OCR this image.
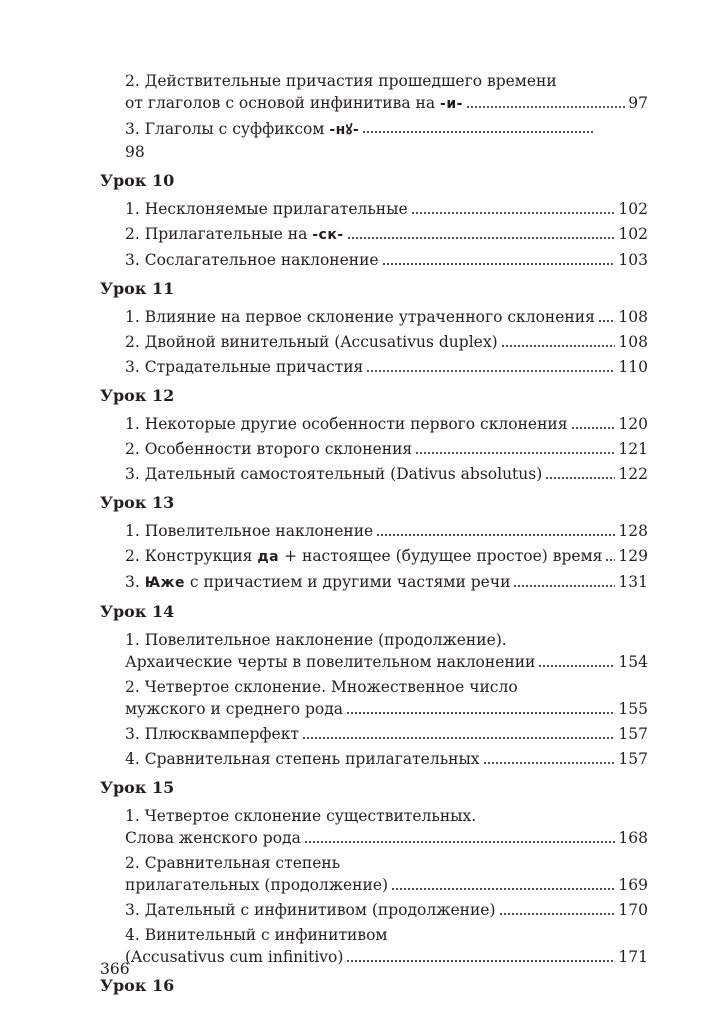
2. Действительные причастия прошедшего времени
от глаголов с основой инфинитива на -и-	97
3. Глаголы с суффиксом -нꙋ-
98
Урок 10
1. Несклоняемые прилагательные	102
2. Прилагательные на -ск-	102
3. Сослагательное наклонение	103
Урок 11
1. Влияние на первое склонение утраченного склонения 108
2. Двойной винительный (Accusativus duplex)	108
3. Страдательные причастия	110
Урок 12
1. Некоторые другие особенности первого склонения	120
2. Особенности второго склонения	121
3. Дательный самостоятельный (Dativus absolutus)	122
Урок 13
1. Повелительное наклонение	128
2. Конструкция да + настоящее (будущее простое) время 129
3. Ꙗже с причастием и другими частями речи	131
Урок 14
1. Повелительное наклонение (продолжение).
Архаические черты в повелительном наклонении	154
2. Четвертое склонение. Множественное число
мужского и среднего рода	155
3. Плюсквамперфект	157
4. Сравнительная степень прилагательных	157
Урок 15
1. Четвертое склонение существительных.
Слова женского рода	168
2. Сравнительная степень
прилагательных (продолжение)	169
3. Дательный с инфинитивом (продолжение)	170
4. Винительный с инфинитивом
(Accusativus cum infinitivo)	171
Урок 16
366
